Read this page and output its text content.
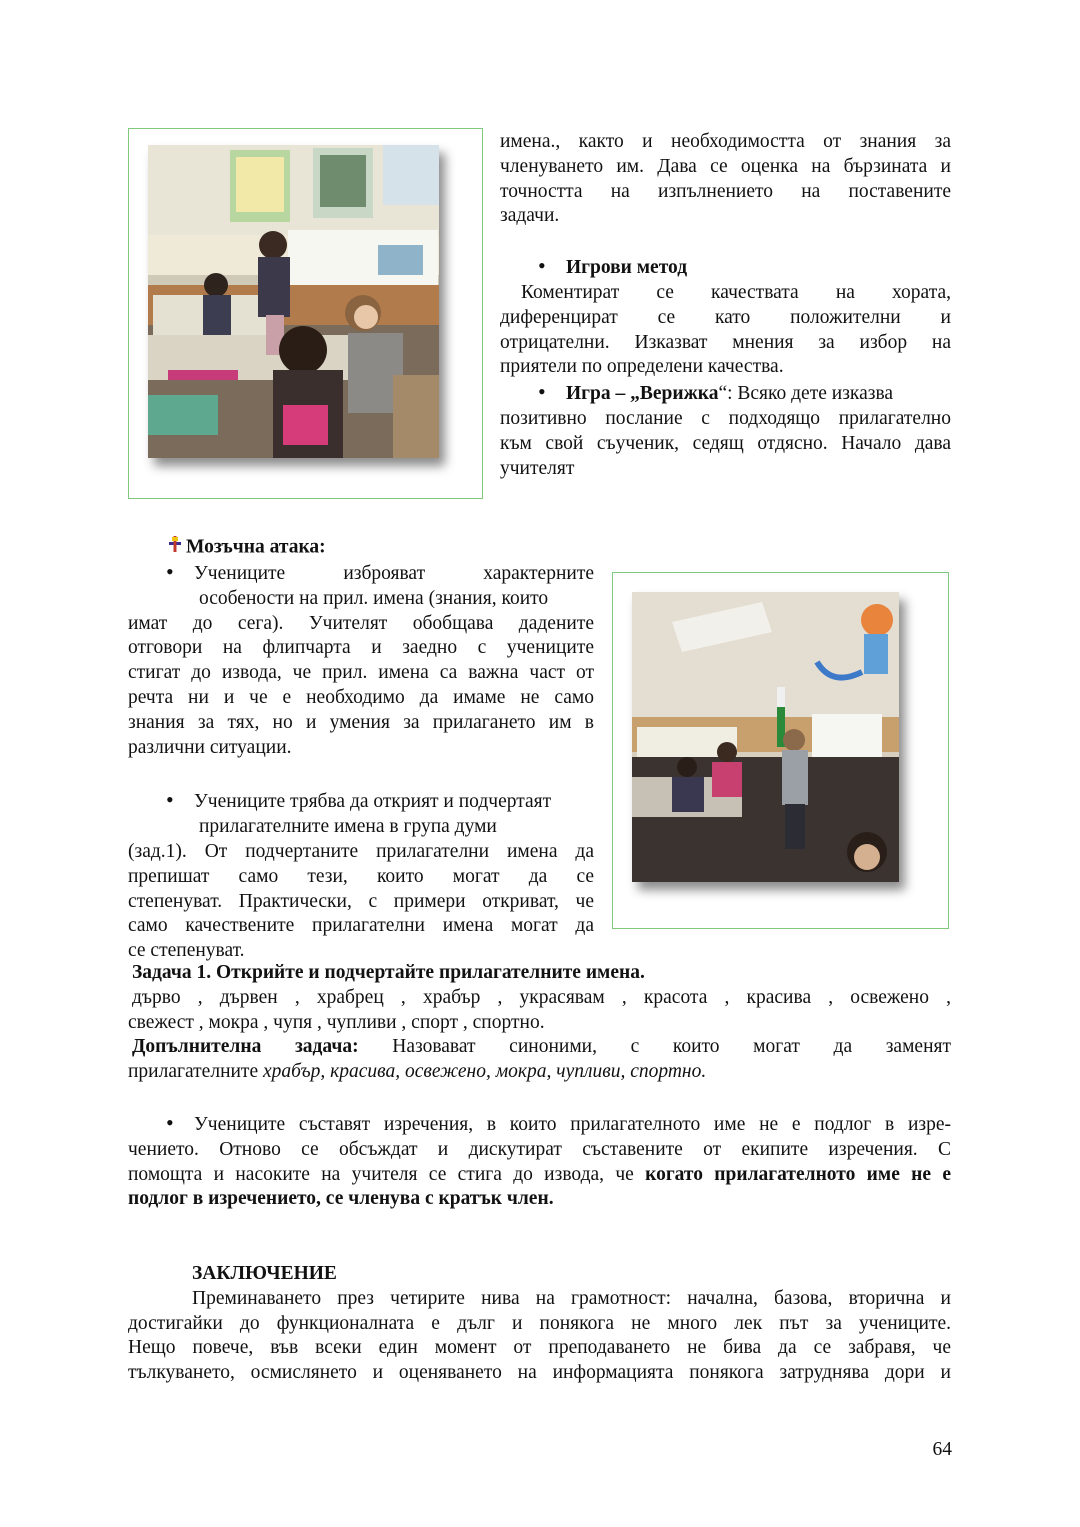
имена., както и необходимостта от знания за

членуването им. Дава се оценка на бързината и

точността на изпълнението на поставените

задачи.

•Игрови метод

Коментират се качествата на хората,

диференцират се като положителни и

отрицателни. Изказват мнения за избор на

приятели по определени качества.

•Игра – „Верижка“: Всяко дете изказва

позитивно послание с подходящо прилагателно

към свой съученик, седящ отдясно. Начало дава

учителят

Мозъчна атака:

•Учениците изброяват характерните

особености на прил. имена (знания, които

имат до сега). Учителят обобщава дадените

отговори на флипчарта и заедно с учениците

стигат до извода, че прил. имена са важна част от

речта ни и че е необходимо да имаме не само

знания за тях, но и умения за прилагането им в

различни ситуации.

•Учениците трябва да открият и подчертаят

прилагателните имена в група думи

(зад.1). От подчертаните прилагателни имена да

препишат само тези, които могат да се

степенуват. Практически, с примери откриват, че

само качествените прилагателни имена могат да

се степенуват.

Задача 1. Открийте и подчертайте прилагателните имена.

дърво , дървен , храбрец , храбър , украсявам , красота , красива , освежено ,

свежест , мокра , чупя , чупливи , спорт , спортно.

Допълнителна задача: Назовават синоними, с които могат да заменят

прилагателните храбър, красива, освежено, мокра, чупливи, спортно.

•Учениците съставят изречения, в които прилагателното име не е подлог в изре-

чението. Отново се обсъждат и дискутират съставените от екипите изречения. С

помощта и насоките на учителя се стига до извода, че когато прилагателното име не е

подлог в изречението, се членува с кратък член.

ЗАКЛЮЧЕНИЕ

Преминаването през четирите нива на грамотност: начална, базова, вторична и

достигайки до функционалната е дълг и понякога не много лек път за учениците.

Нещо повече, във всеки един момент от преподаването не бива да се забравя, че

тълкуването, осмислянето и оценяването на информацията понякога затруднява дори и

64
